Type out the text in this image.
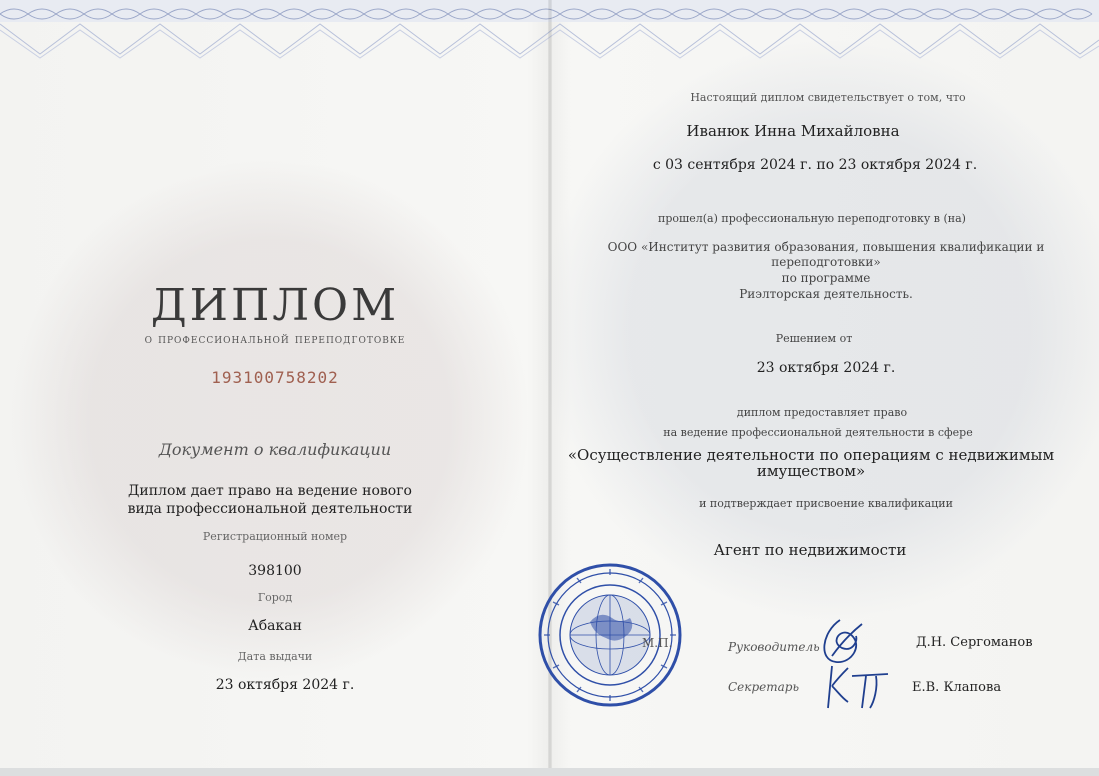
ДИПЛОМ
о профессиональной переподготовке
193100758202
Документ о квалификации
Диплом дает право на ведение нового
вида профессиональной деятельности
Регистрационный номер
398100
Город
Абакан
Дата выдачи
23 октября 2024 г.
Настоящий диплом свидетельствует о том, что
Иванюк Инна Михайловна
с 03 сентября 2024 г. по 23 октября 2024 г.
прошел(а) профессиональную переподготовку в (на)
ООО «Институт развития образования, повышения квалификации и
переподготовки»
по программе
Риэлторская деятельность.
Решением от
23 октября 2024 г.
диплом предоставляет право
на ведение профессиональной деятельности в сфере
«Осуществление деятельности по операциям с недвижимым
имуществом»
и подтверждает присвоение квалификации
Агент по недвижимости
М.П.	Руководитель	Д.Н. Сергоманов
Секретарь	Е.В. Клапова
